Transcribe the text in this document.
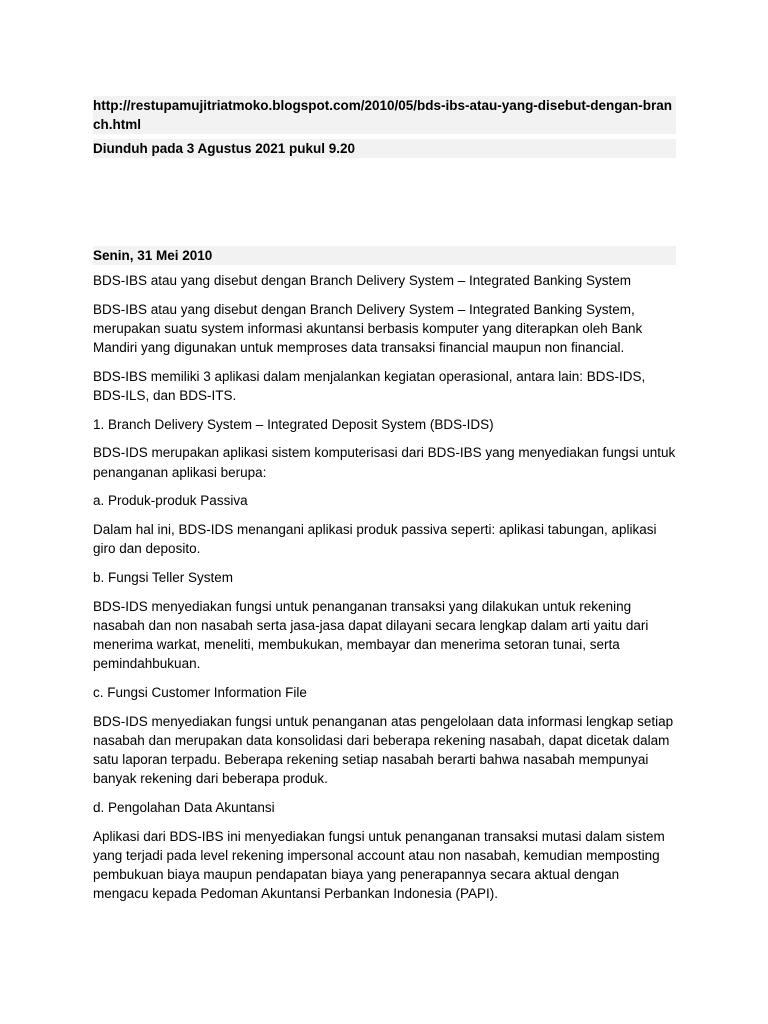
http://restupamujitriatmoko.blogspot.com/2010/05/bds-ibs-atau-yang-disebut-dengan-branch.html
Diunduh pada 3 Agustus 2021 pukul 9.20
Senin, 31 Mei 2010

BDS-IBS atau yang disebut dengan Branch Delivery System – Integrated Banking System

BDS-IBS atau yang disebut dengan Branch Delivery System – Integrated Banking System, merupakan suatu system informasi akuntansi berbasis komputer yang diterapkan oleh Bank Mandiri yang digunakan untuk memproses data transaksi financial maupun non financial.

BDS-IBS memiliki 3 aplikasi dalam menjalankan kegiatan operasional, antara lain: BDS-IDS, BDS-ILS, dan BDS-ITS.

1. Branch Delivery System – Integrated Deposit System (BDS-IDS)

BDS-IDS merupakan aplikasi sistem komputerisasi dari BDS-IBS yang menyediakan fungsi untuk penanganan aplikasi berupa:

a. Produk-produk Passiva

Dalam hal ini, BDS-IDS menangani aplikasi produk passiva seperti: aplikasi tabungan, aplikasi giro dan deposito.

b. Fungsi Teller System

BDS-IDS menyediakan fungsi untuk penanganan transaksi yang dilakukan untuk rekening nasabah dan non nasabah serta jasa-jasa dapat dilayani secara lengkap dalam arti yaitu dari menerima warkat, meneliti, membukukan, membayar dan menerima setoran tunai, serta pemindahbukuan.

c. Fungsi Customer Information File

BDS-IDS menyediakan fungsi untuk penanganan atas pengelolaan data informasi lengkap setiap nasabah dan merupakan data konsolidasi dari beberapa rekening nasabah, dapat dicetak dalam satu laporan terpadu. Beberapa rekening setiap nasabah berarti bahwa nasabah mempunyai banyak rekening dari beberapa produk.

d. Pengolahan Data Akuntansi

Aplikasi dari BDS-IBS ini menyediakan fungsi untuk penanganan transaksi mutasi dalam sistem yang terjadi pada level rekening impersonal account atau non nasabah, kemudian memposting pembukuan biaya maupun pendapatan biaya yang penerapannya secara aktual dengan mengacu kepada Pedoman Akuntansi Perbankan Indonesia (PAPI).
